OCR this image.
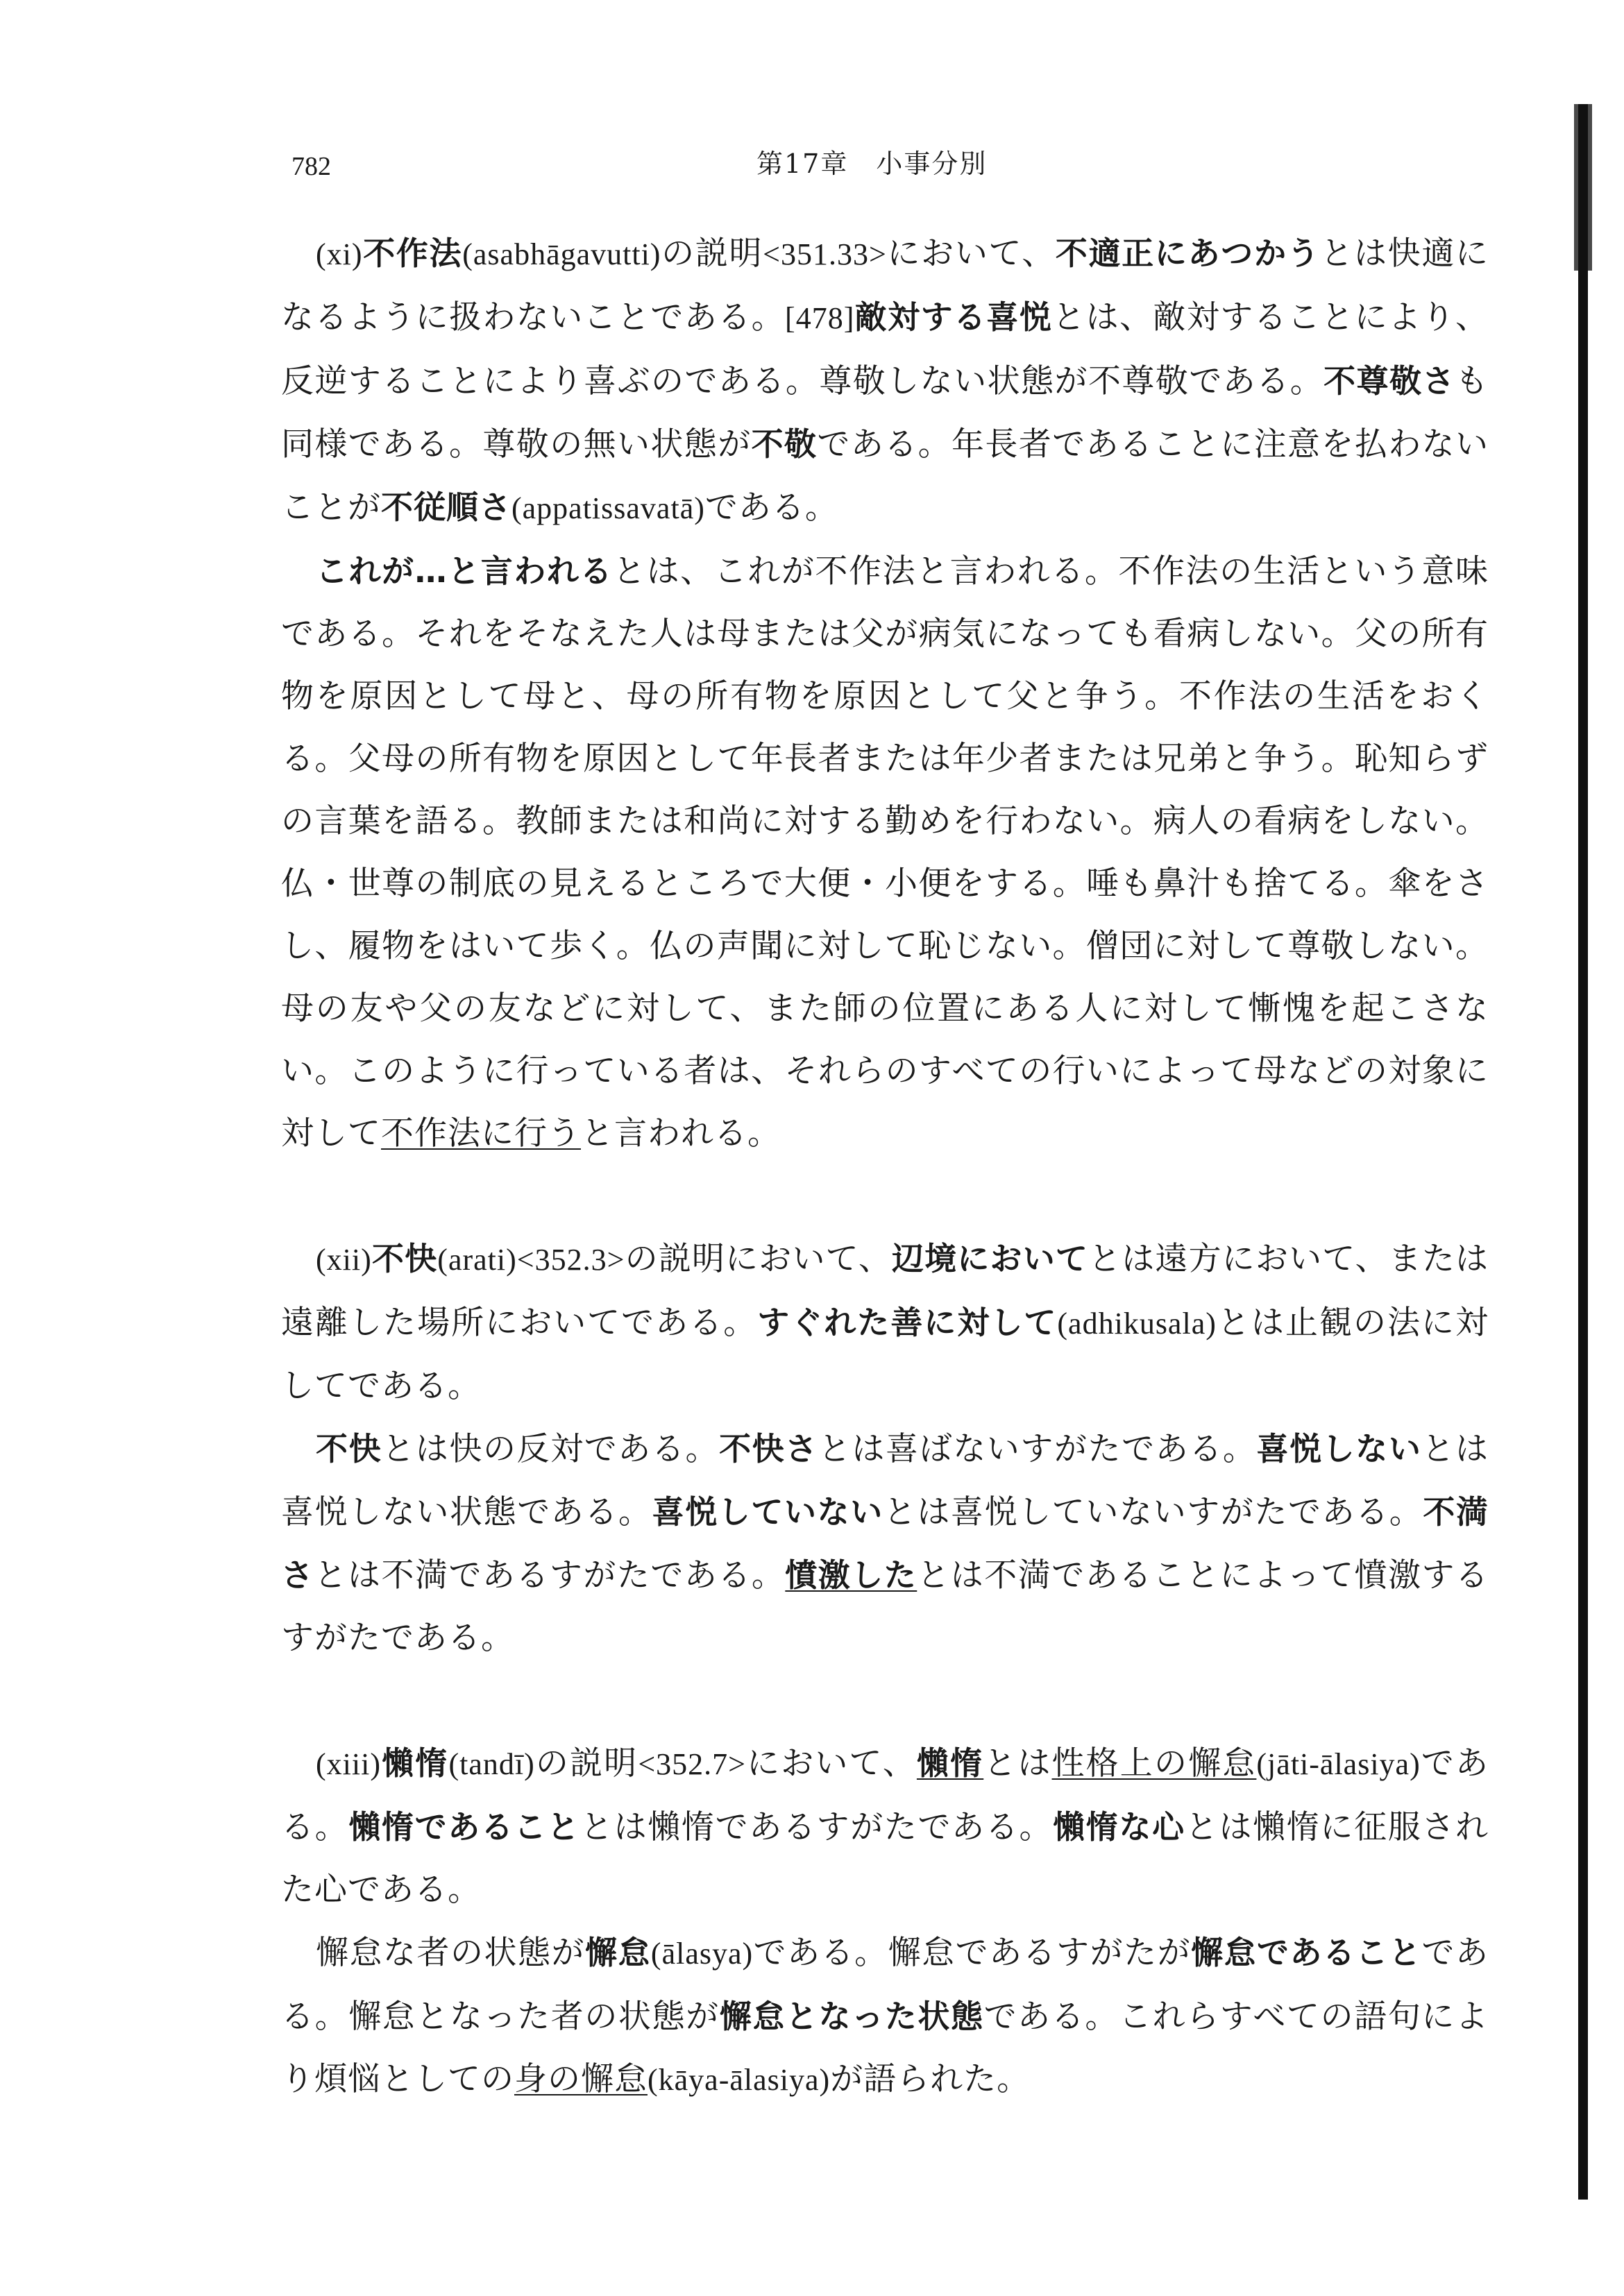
782	第17章　小事分別

(xi)不作法(asabhāgavutti)の説明<351.33>において、不適正にあつかうとは快適になるように扱わないことである。[478]敵対する喜悦とは、敵対することにより、反逆することにより喜ぶのである。尊敬しない状態が不尊敬である。不尊敬さも同様である。尊敬の無い状態が不敬である。年長者であることに注意を払わないことが不従順さ(appatissavatā)である。

これが…と言われるとは、これが不作法と言われる。不作法の生活という意味である。それをそなえた人は母または父が病気になっても看病しない。父の所有物を原因として母と、母の所有物を原因として父と争う。不作法の生活をおくる。父母の所有物を原因として年長者または年少者または兄弟と争う。恥知らずの言葉を語る。教師または和尚に対する勤めを行わない。病人の看病をしない。仏・世尊の制底の見えるところで大便・小便をする。唾も鼻汁も捨てる。傘をさし、履物をはいて歩く。仏の声聞に対して恥じない。僧団に対して尊敬しない。母の友や父の友などに対して、また師の位置にある人に対して慚愧を起こさない。このように行っている者は、それらのすべての行いによって母などの対象に対して不作法に行うと言われる。

(xii)不快(arati)<352.3>の説明において、辺境においてとは遠方において、または遠離した場所においてである。すぐれた善に対して(adhikusala)とは止観の法に対してである。

不快とは快の反対である。不快さとは喜ばないすがたである。喜悦しないとは喜悦しない状態である。喜悦していないとは喜悦していないすがたである。不満さとは不満であるすがたである。憤激したとは不満であることによって憤激するすがたである。

(xiii)懶惰(tandī)の説明<352.7>において、懶惰とは性格上の懈怠(jāti-ālasiya)である。懶惰であることとは懶惰であるすがたである。懶惰な心とは懶惰に征服された心である。

懈怠な者の状態が懈怠(ālasya)である。懈怠であるすがたが懈怠であることである。懈怠となった者の状態が懈怠となった状態である。これらすべての語句により煩悩としての身の懈怠(kāya-ālasiya)が語られた。
